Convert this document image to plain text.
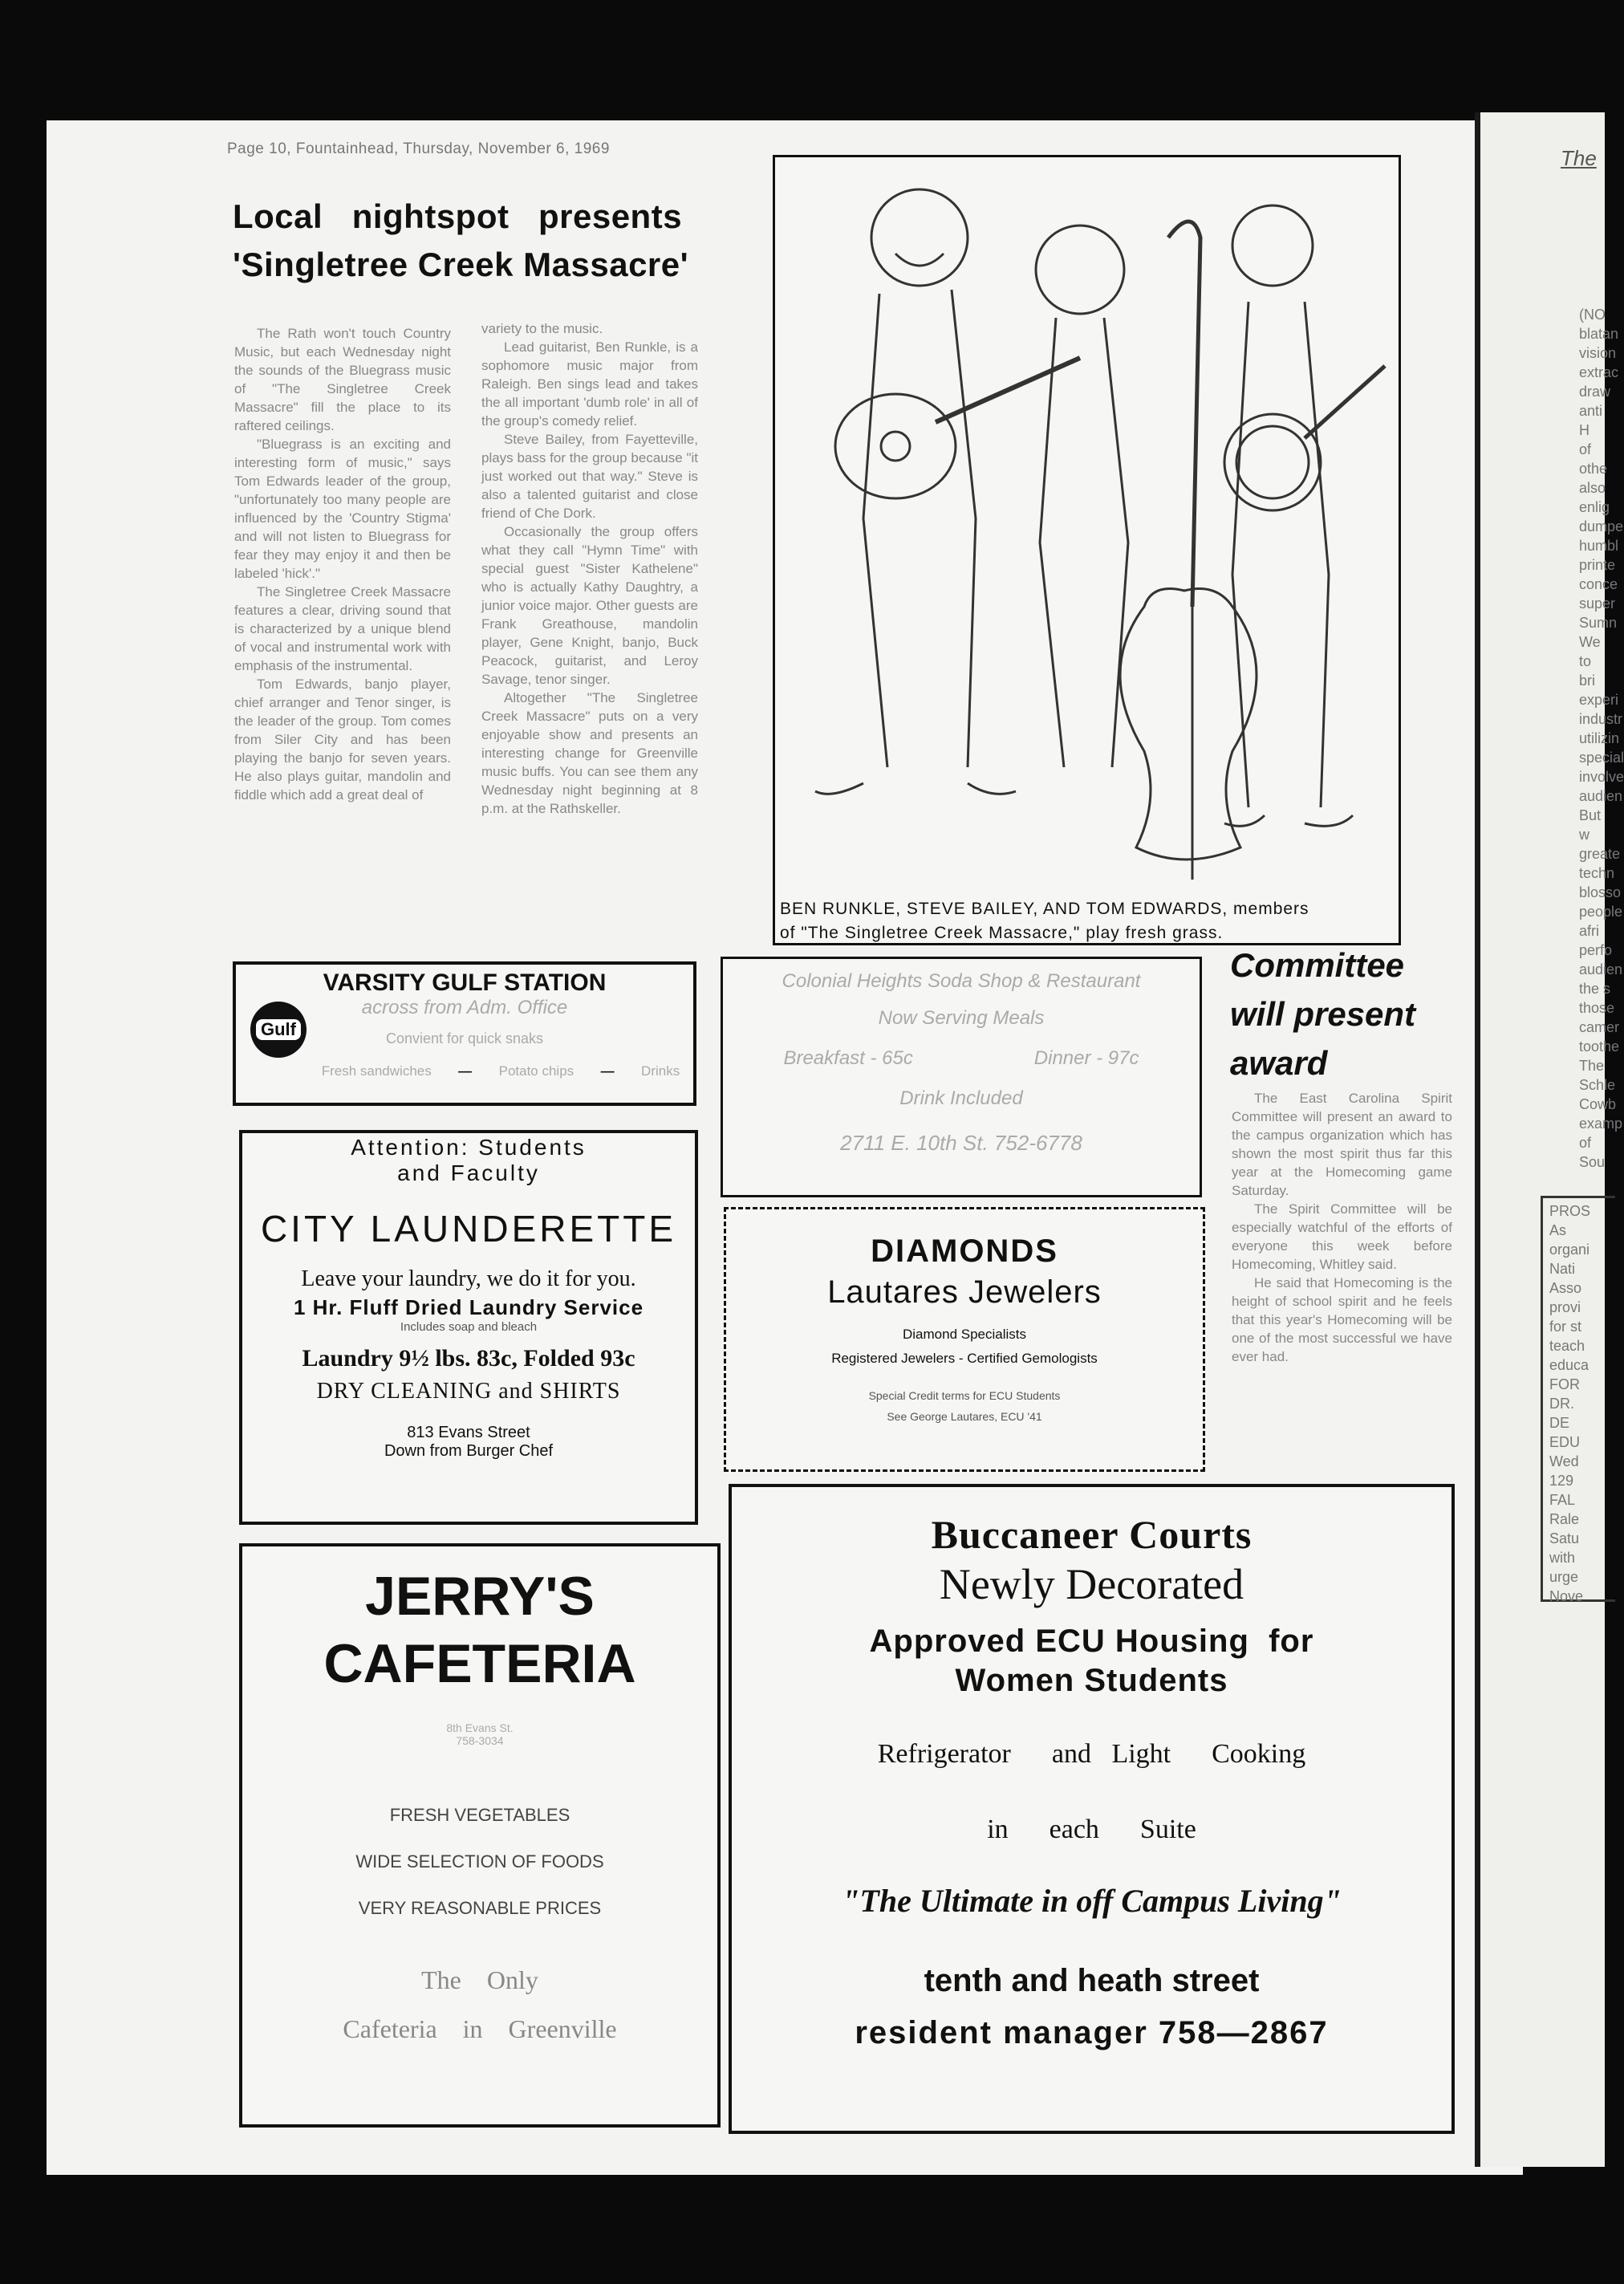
The
(NO
blatan
vision
extrac
draw
anti H
of othe
also
enlig
dumpe
humbl
printe
conce
super
Sumn
We
to bri
experi
industr
utilizin
special
involve
audien
But w
greate
techn
blosso
people
afri
perfo
audien
the s
those
camer
toothe
The
Schle
Cowb
examp
of Sou
PROS
As
organi
Nati
Asso
provi
for st
teach
educa
FOR
DR.
DE
EDU
Wed
129
FAL
Rale
Satu
with
urge
Nove
Page 10, Fountainhead, Thursday, November 6, 1969
Local   nightspot   presents
'Singletree Creek Massacre'

The Rath won't touch Country Music, but each Wednesday night the sounds of the Bluegrass music of "The Singletree Creek Massacre" fill the place to its raftered ceilings.

"Bluegrass is an exciting and interesting form of music," says Tom Edwards leader of the group, "unfortunately too many people are influenced by the 'Country Stigma' and will not listen to Bluegrass for fear they may enjoy it and then be labeled 'hick'."

The Singletree Creek Massacre features a clear, driving sound that is characterized by a unique blend of vocal and instrumental work with emphasis of the instrumental.

Tom Edwards, banjo player, chief arranger and Tenor singer, is the leader of the group. Tom comes from Siler City and has been playing the banjo for seven years. He also plays guitar, mandolin and fiddle which add a great deal of

variety to the music.

Lead guitarist, Ben Runkle, is a sophomore music major from Raleigh. Ben sings lead and takes the all important 'dumb role' in all of the group's comedy relief.

Steve Bailey, from Fayetteville, plays bass for the group because "it just worked out that way." Steve is also a talented guitarist and close friend of Che Dork.

Occasionally the group offers what they call "Hymn Time" with special guest "Sister Kathelene" who is actually Kathy Daughtry, a junior voice major. Other guests are Frank Greathouse, mandolin player, Gene Knight, banjo, Buck Peacock, guitarist, and Leroy Savage, tenor singer.

Altogether "The Singletree Creek Massacre" puts on a very enjoyable show and presents an interesting change for Greenville music buffs. You can see them any Wednesday night beginning at 8 p.m. at the Rathskeller.

BEN RUNKLE, STEVE BAILEY, AND TOM EDWARDS, members
of "The Singletree Creek Massacre," play fresh grass.
VARSITY GULF STATION
across from Adm. Office
Gulf	Convient for quick snaks
Fresh sandwiches — Potato chips — Drinks
Colonial Heights Soda Shop & Restaurant
Now Serving Meals
Breakfast - 65c	Dinner - 97c
Drink Included
2711 E. 10th St. 752-6778
Committee
will present
award

The East Carolina Spirit Committee will present an award to the campus organization which has shown the most spirit thus far this year at the Homecoming game Saturday.

The Spirit Committee will be especially watchful of the efforts of everyone this week before Homecoming, Whitley said.

He said that Homecoming is the height of school spirit and he feels that this year's Homecoming will be one of the most successful we have ever had.

Attention: Students
and Faculty
CITY LAUNDERETTE
Leave your laundry, we do it for you.
1 Hr. Fluff Dried Laundry Service
Includes soap and bleach
Laundry 9½ lbs. 83c, Folded 93c
DRY CLEANING and SHIRTS
813 Evans Street
Down from Burger Chef
DIAMONDS
Lautares Jewelers
Diamond Specialists
Registered Jewelers - Certified Gemologists
Special Credit terms for ECU Students
See George Lautares, ECU '41
JERRY'S
CAFETERIA
8th Evans St.
758-3034
FRESH VEGETABLES
WIDE SELECTION OF FOODS
VERY REASONABLE PRICES
The    Only
Cafeteria    in    Greenville
Buccaneer Courts
Newly Decorated
Approved ECU Housing  for
Women Students
Refrigerator      and   Light      Cooking
in      each      Suite
"The Ultimate in off Campus Living"
tenth and heath street
resident manager 758—2867
